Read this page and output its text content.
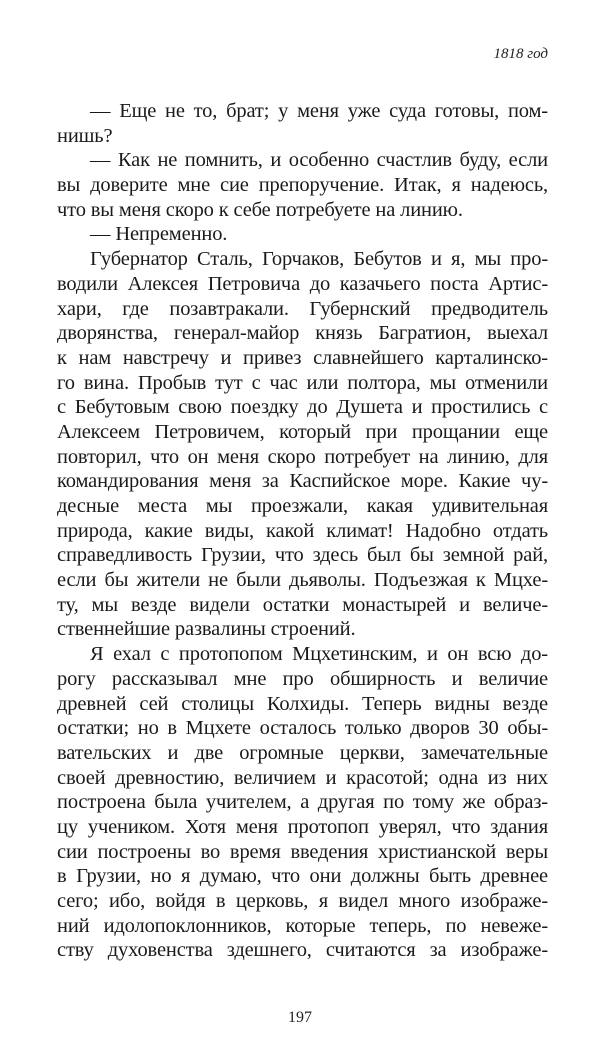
1818 год
— Еще не то, брат; у меня уже суда готовы, пом-
нишь?
— Как не помнить, и особенно счастлив буду, если
вы доверите мне сие препоручение. Итак, я надеюсь,
что вы меня скоро к себе потребуете на линию.
— Непременно.
Губернатор Сталь, Горчаков, Бебутов и я, мы про-
водили Алексея Петровича до казачьего поста Артис-
хари, где позавтракали. Губернский предводитель
дворянства, генерал-майор князь Багратион, выехал
к нам навстречу и привез славнейшего карталинско-
го вина. Пробыв тут с час или полтора, мы отменили
с Бебутовым свою поездку до Душета и простились с
Алексеем Петровичем, который при прощании еще
повторил, что он меня скоро потребует на линию, для
командирования меня за Каспийское море. Какие чу-
десные места мы проезжали, какая удивительная
природа, какие виды, какой климат! Надобно отдать
справедливость Грузии, что здесь был бы земной рай,
если бы жители не были дьяволы. Подъезжая к Мцхе-
ту, мы везде видели остатки монастырей и величе-
ственнейшие развалины строений.
Я ехал с протопопом Мцхетинским, и он всю до-
рогу рассказывал мне про обширность и величие
древней сей столицы Колхиды. Теперь видны везде
остатки; но в Мцхете осталось только дворов 30 обы-
вательских и две огромные церкви, замечательные
своей древностию, величием и красотой; одна из них
построена была учителем, а другая по тому же образ-
цу учеником. Хотя меня протопоп уверял, что здания
сии построены во время введения христианской веры
в Грузии, но я думаю, что они должны быть древнее
сего; ибо, войдя в церковь, я видел много изображе-
ний идолопоклонников, которые теперь, по невеже-
ству духовенства здешнего, считаются за изображе-
197
